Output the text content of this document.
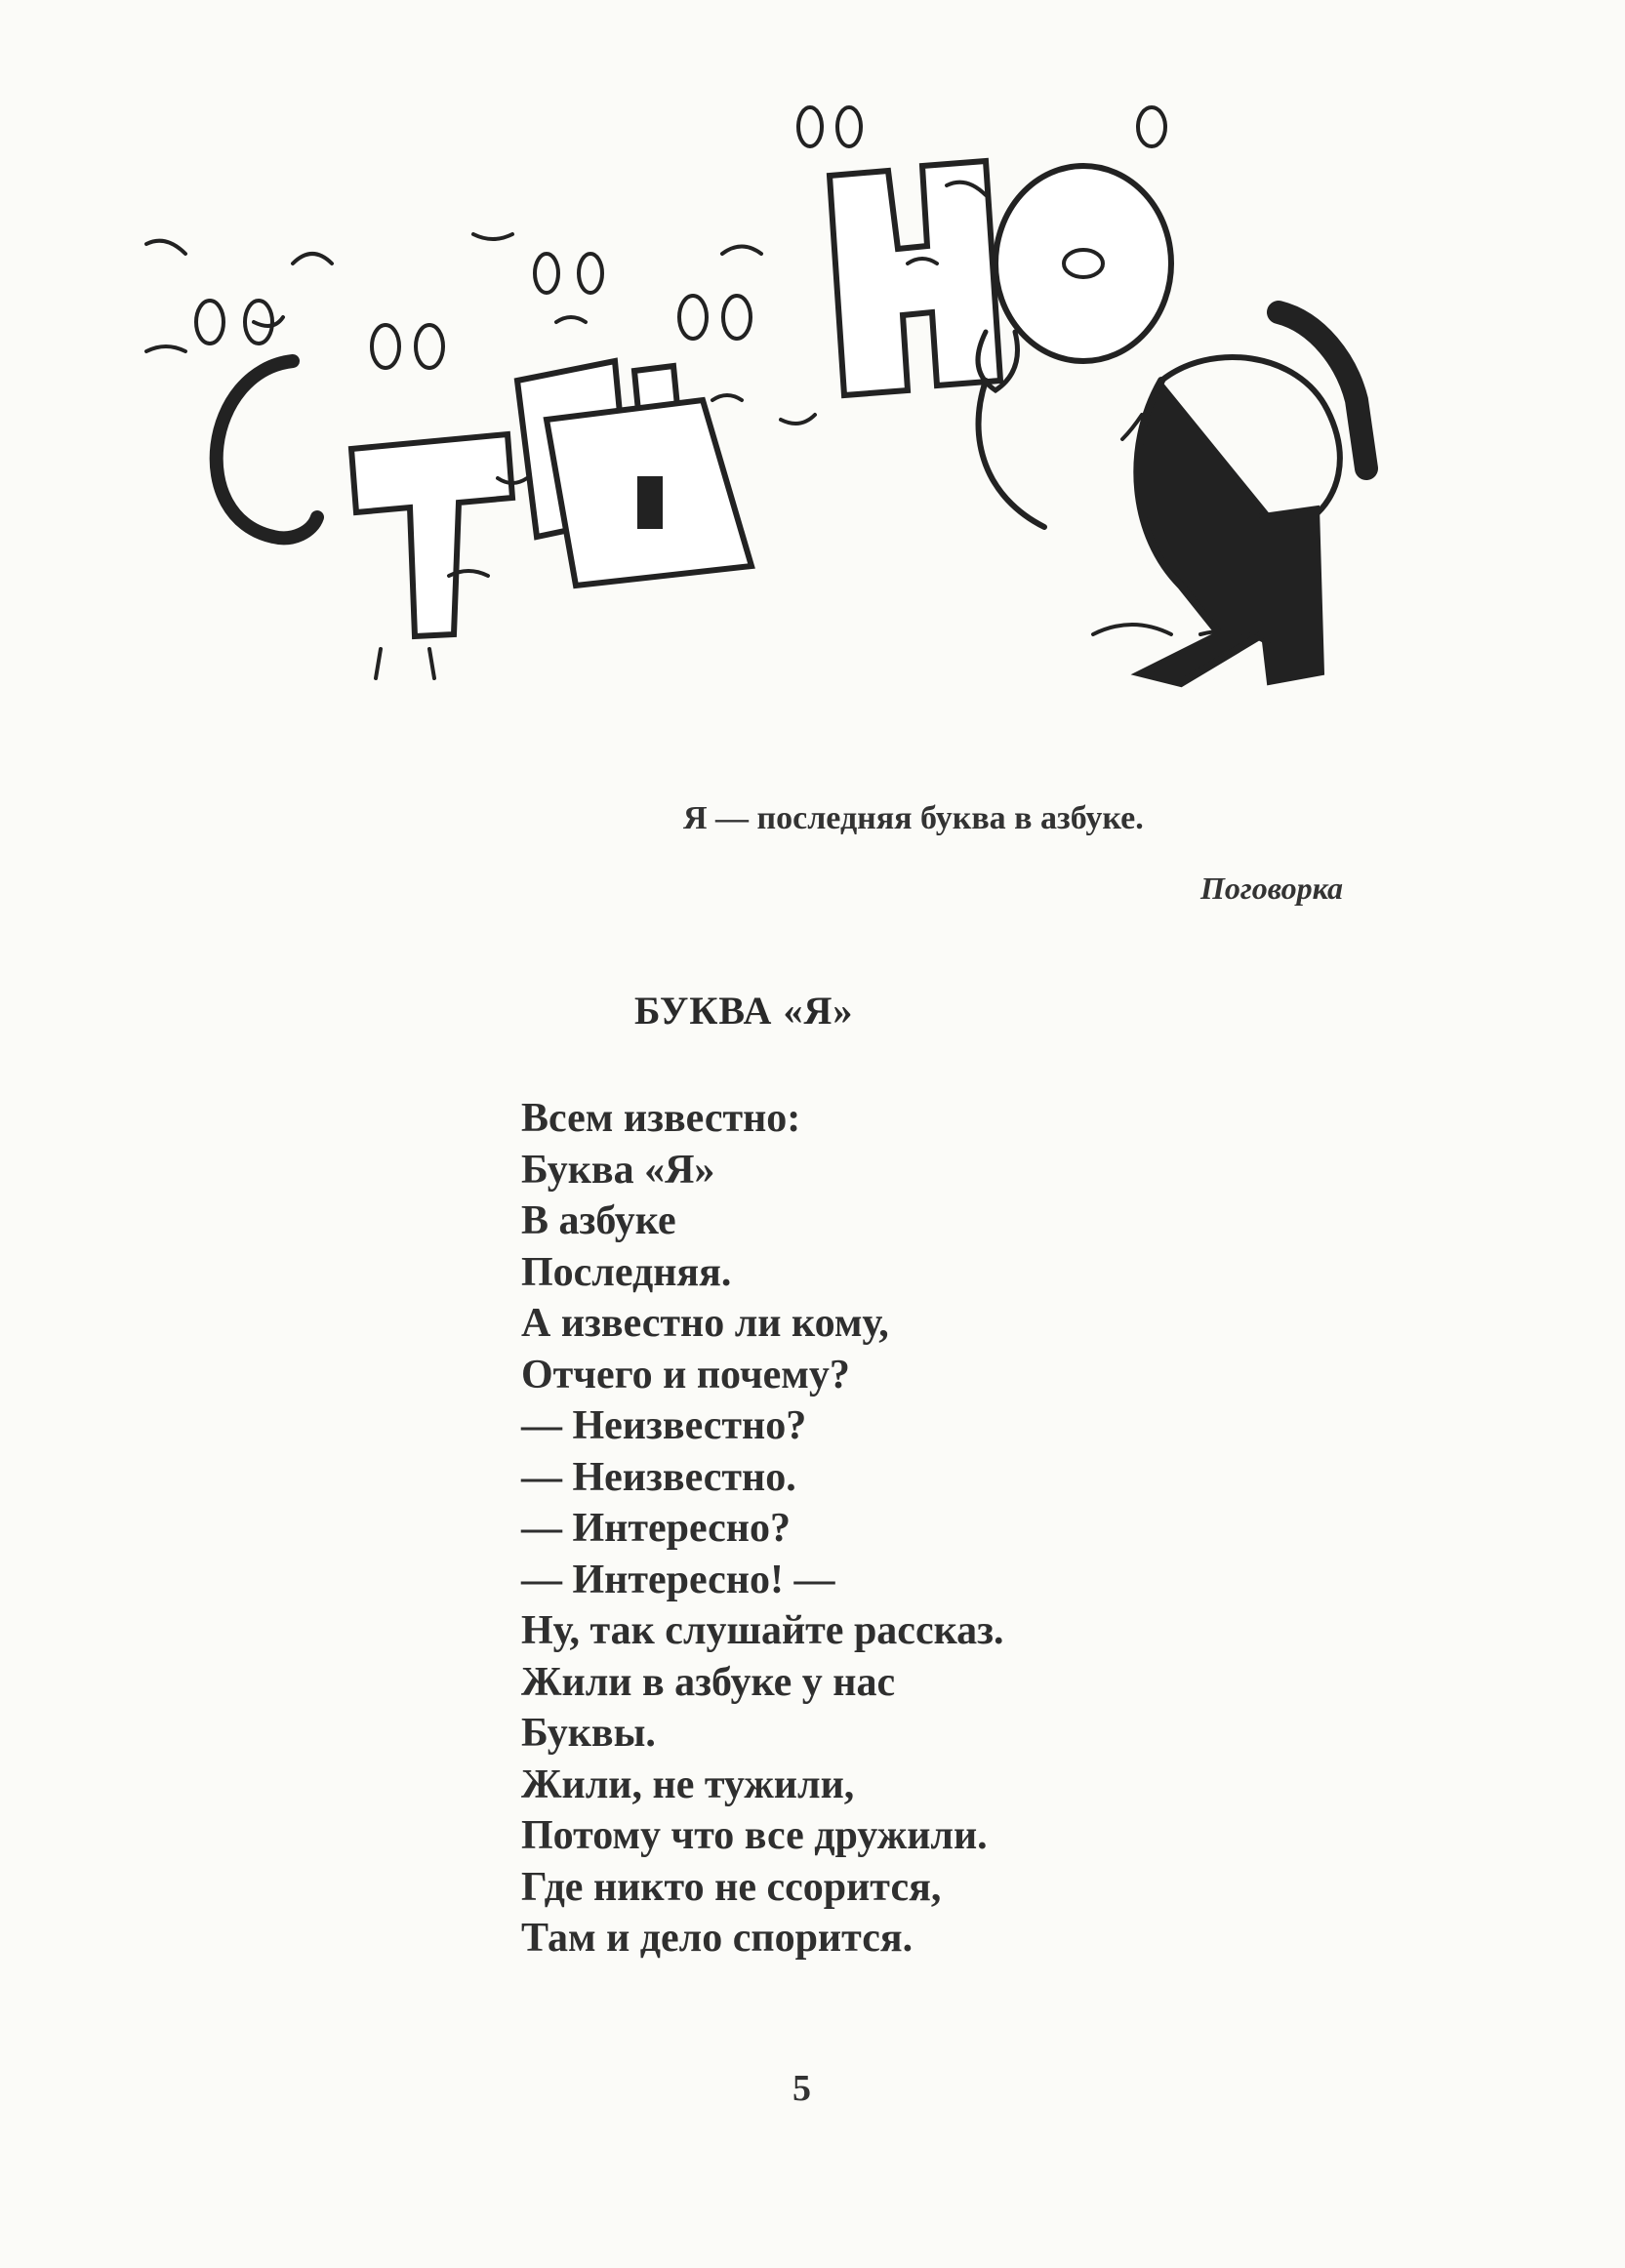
Я — последняя буква в азбуке.
Поговорка
БУКВА «Я»
Всем известно:
Буква «Я»
В азбуке
Последняя.
А известно ли кому,
Отчего и почему?
— Неизвестно?
— Неизвестно.
— Интересно?
— Интересно! —
Ну, так слушайте рассказ.
Жили в азбуке у нас
Буквы.
Жили, не тужили,
Потому что все дружили.
Где никто не ссорится,
Там и дело спорится.
5
